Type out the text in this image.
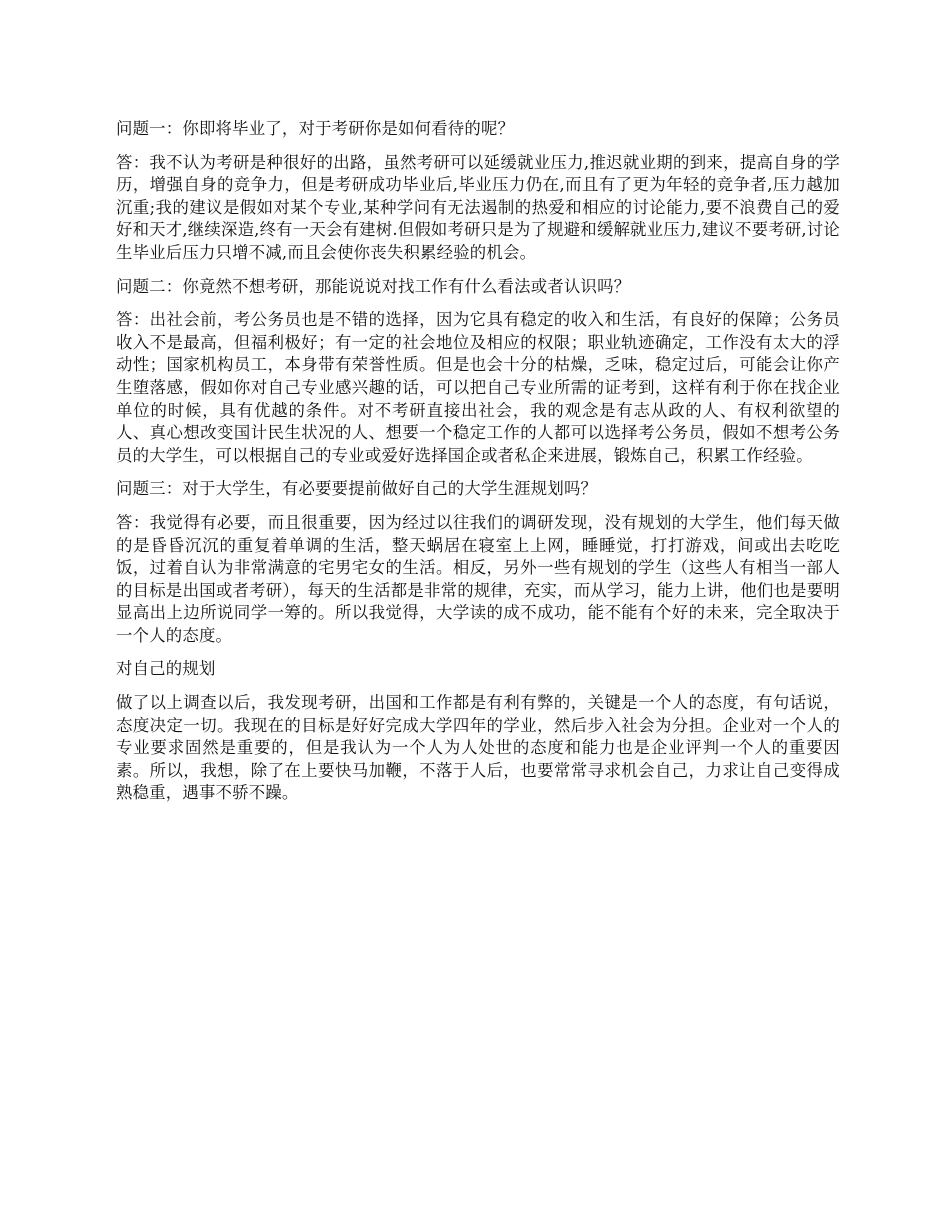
问题一：你即将毕业了，对于考研你是如何看待的呢？

答：我不认为考研是种很好的出路，虽然考研可以延缓就业压力,推迟就业期的到来，提高自身的学历，增强自身的竞争力，但是考研成功毕业后,毕业压力仍在,而且有了更为年轻的竞争者,压力越加沉重;我的建议是假如对某个专业,某种学问有无法遏制的热爱和相应的讨论能力,要不浪费自己的爱好和天才,继续深造,终有一天会有建树.但假如考研只是为了规避和缓解就业压力,建议不要考研,讨论生毕业后压力只增不减,而且会使你丧失积累经验的机会。

问题二：你竟然不想考研，那能说说对找工作有什么看法或者认识吗？

答：出社会前，考公务员也是不错的选择，因为它具有稳定的收入和生活，有良好的保障；公务员收入不是最高，但福利极好；有一定的社会地位及相应的权限；职业轨迹确定，工作没有太大的浮动性；国家机构员工，本身带有荣誉性质。但是也会十分的枯燥，乏味，稳定过后，可能会让你产生堕落感，假如你对自己专业感兴趣的话，可以把自己专业所需的证考到，这样有利于你在找企业单位的时候，具有优越的条件。对不考研直接出社会，我的观念是有志从政的人、有权利欲望的人、真心想改变国计民生状况的人、想要一个稳定工作的人都可以选择考公务员，假如不想考公务员的大学生，可以根据自己的专业或爱好选择国企或者私企来进展，锻炼自己，积累工作经验。

问题三：对于大学生，有必要要提前做好自己的大学生涯规划吗？

答：我觉得有必要，而且很重要，因为经过以往我们的调研发现，没有规划的大学生，他们每天做的是昏昏沉沉的重复着单调的生活，整天蜗居在寝室上上网，睡睡觉，打打游戏，间或出去吃吃饭，过着自认为非常满意的宅男宅女的生活。相反，另外一些有规划的学生（这些人有相当一部人的目标是出国或者考研），每天的生活都是非常的规律，充实，而从学习，能力上讲，他们也是要明显高出上边所说同学一筹的。所以我觉得，大学读的成不成功，能不能有个好的未来，完全取决于一个人的态度。

对自己的规划

做了以上调查以后，我发现考研，出国和工作都是有利有弊的，关键是一个人的态度，有句话说，态度决定一切。我现在的目标是好好完成大学四年的学业，然后步入社会为分担。企业对一个人的专业要求固然是重要的，但是我认为一个人为人处世的态度和能力也是企业评判一个人的重要因素。所以，我想，除了在上要快马加鞭，不落于人后，也要常常寻求机会自己，力求让自己变得成熟稳重，遇事不骄不躁。
